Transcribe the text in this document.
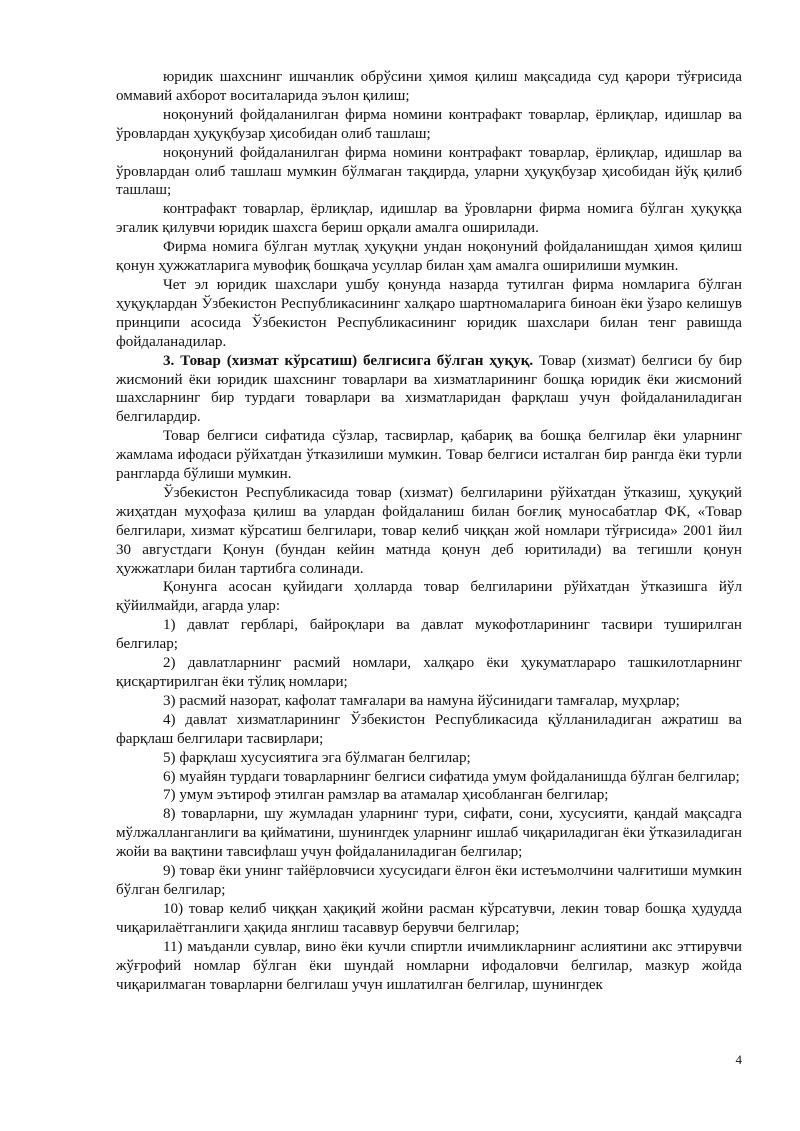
юридик шахснинг ишчанлик обрўсини ҳимоя қилиш мақсадида суд қарори тўғрисида оммавий ахборот воситаларида эълон қилиш;

ноқонуний фойдаланилган фирма номини контрафакт товарлар, ёрлиқлар, идишлар ва ўровлардан ҳуқуқбузар ҳисобидан олиб ташлаш;

ноқонуний фойдаланилган фирма номини контрафакт товарлар, ёрлиқлар, идишлар ва ўровлардан олиб ташлаш мумкин бўлмаган тақдирда, уларни ҳуқуқбузар ҳисобидан йўқ қилиб ташлаш;

контрафакт товарлар, ёрлиқлар, идишлар ва ўровларни фирма номига бўлган ҳуқуққа эгалик қилувчи юридик шахсга бериш орқали амалга оширилади.

Фирма номига бўлган мутлақ ҳуқуқни ундан ноқонуний фойдаланишдан ҳимоя қилиш қонун ҳужжатларига мувофиқ бошқача усуллар билан ҳам амалга оширилиши мумкин.

Чет эл юридик шахслари ушбу қонунда назарда тутилган фирма номларига бўлган ҳуқуқлардан Ўзбекистон Республикасининг халқаро шартномаларига биноан ёки ўзаро келишув принципи асосида Ўзбекистон Республикасининг юридик шахслари билан тенг равишда фойдаланадилар.

3. Товар (хизмат кўрсатиш) белгисига бўлган ҳуқуқ. Товар (хизмат) белгиси бу бир жисмоний ёки юридик шахснинг товарлари ва хизматларининг бошқа юридик ёки жисмоний шахсларнинг бир турдаги товарлари ва хизматларидан фарқлаш учун фойдаланиладиган белгилардир.

Товар белгиси сифатида сўзлар, тасвирлар, қабариқ ва бошқа белгилар ёки уларнинг жамлама ифодаси рўйхатдан ўтказилиши мумкин. Товар белгиси исталган бир рангда ёки турли рангларда бўлиши мумкин.

Ўзбекистон Республикасида товар (хизмат) белгиларини рўйхатдан ўтказиш, ҳуқуқий жиҳатдан муҳофаза қилиш ва улардан фойдаланиш билан боғлиқ муносабатлар ФК, «Товар белгилари, хизмат кўрсатиш белгилари, товар келиб чиққан жой номлари тўғрисида» 2001 йил 30 августдаги Қонун (бундан кейин матнда қонун деб юритилади) ва тегишли қонун ҳужжатлари билан тартибга солинади.

Қонунга асосан қуйидаги ҳолларда товар белгиларини рўйхатдан ўтказишга йўл қўйилмайди, агарда улар:

1) давлат гербларi, байроқлари ва давлат мукофотларининг тасвири туширилган белгилар;

2) давлатларнинг расмий номлари, халқаро ёки ҳукуматлараро ташкилотларнинг қисқартирилган ёки тўлиқ номлари;

3) расмий назорат, кафолат тамғалари ва намуна йўсинидаги тамғалар, муҳрлар;

4) давлат хизматларининг Ўзбекистон Республикасида қўлланиладиган ажратиш ва фарқлаш белгилари тасвирлари;

5) фарқлаш хусусиятига эга бўлмаган белгилар;

6) муайян турдаги товарларнинг белгиси сифатида умум фойдаланишда бўлган белгилар;

7) умум эътироф этилган рамзлар ва атамалар ҳисобланган белгилар;

8) товарларни, шу жумладан уларнинг тури, сифати, сони, хусусияти, қандай мақсадга мўлжалланганлиги ва қийматини, шунингдек уларнинг ишлаб чиқариладиган ёки ўтказиладиган жойи ва вақтини тавсифлаш учун фойдаланиладиган белгилар;

9) товар ёки унинг тайёрловчиси хусусидаги ёлғон ёки истеъмолчини чалғитиши мумкин бўлган белгилар;

10) товар келиб чиққан ҳақиқий жойни расман кўрсатувчи, лекин товар бошқа ҳудудда чиқарилаётганлиги ҳақида янглиш тасаввур берувчи белгилар;

11) маъданли сувлар, вино ёки кучли спиртли ичимликларнинг аслиятини акс эттирувчи жўғрофий номлар бўлган ёки шундай номларни ифодаловчи белгилар, мазкур жойда чиқарилмаган товарларни белгилаш учун ишлатилган белгилар, шунингдек

4
